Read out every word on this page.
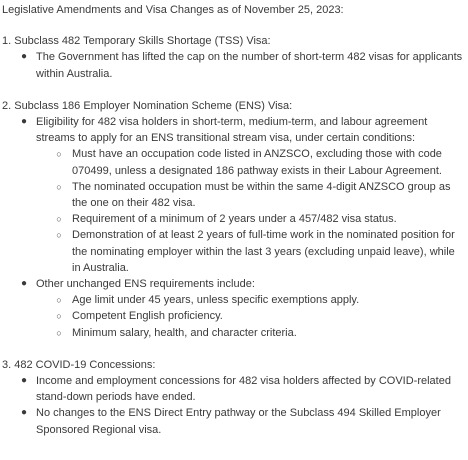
Legislative Amendments and Visa Changes as of November 25, 2023:

1. Subclass 482 Temporary Skills Shortage (TSS) Visa:

● The Government has lifted the cap on the number of short-term 482 visas for applicants within Australia.

2. Subclass 186 Employer Nomination Scheme (ENS) Visa:

● Eligibility for 482 visa holders in short-term, medium-term, and labour agreement streams to apply for an ENS transitional stream visa, under certain conditions:
○ Must have an occupation code listed in ANZSCO, excluding those with code 070499, unless a designated 186 pathway exists in their Labour Agreement.
○ The nominated occupation must be within the same 4-digit ANZSCO group as the one on their 482 visa.
○ Requirement of a minimum of 2 years under a 457/482 visa status.
○ Demonstration of at least 2 years of full-time work in the nominated position for the nominating employer within the last 3 years (excluding unpaid leave), while in Australia.
● Other unchanged ENS requirements include:
○ Age limit under 45 years, unless specific exemptions apply.
○ Competent English proficiency.
○ Minimum salary, health, and character criteria.

3. 482 COVID-19 Concessions:

● Income and employment concessions for 482 visa holders affected by COVID-related stand-down periods have ended.
● No changes to the ENS Direct Entry pathway or the Subclass 494 Skilled Employer Sponsored Regional visa.
